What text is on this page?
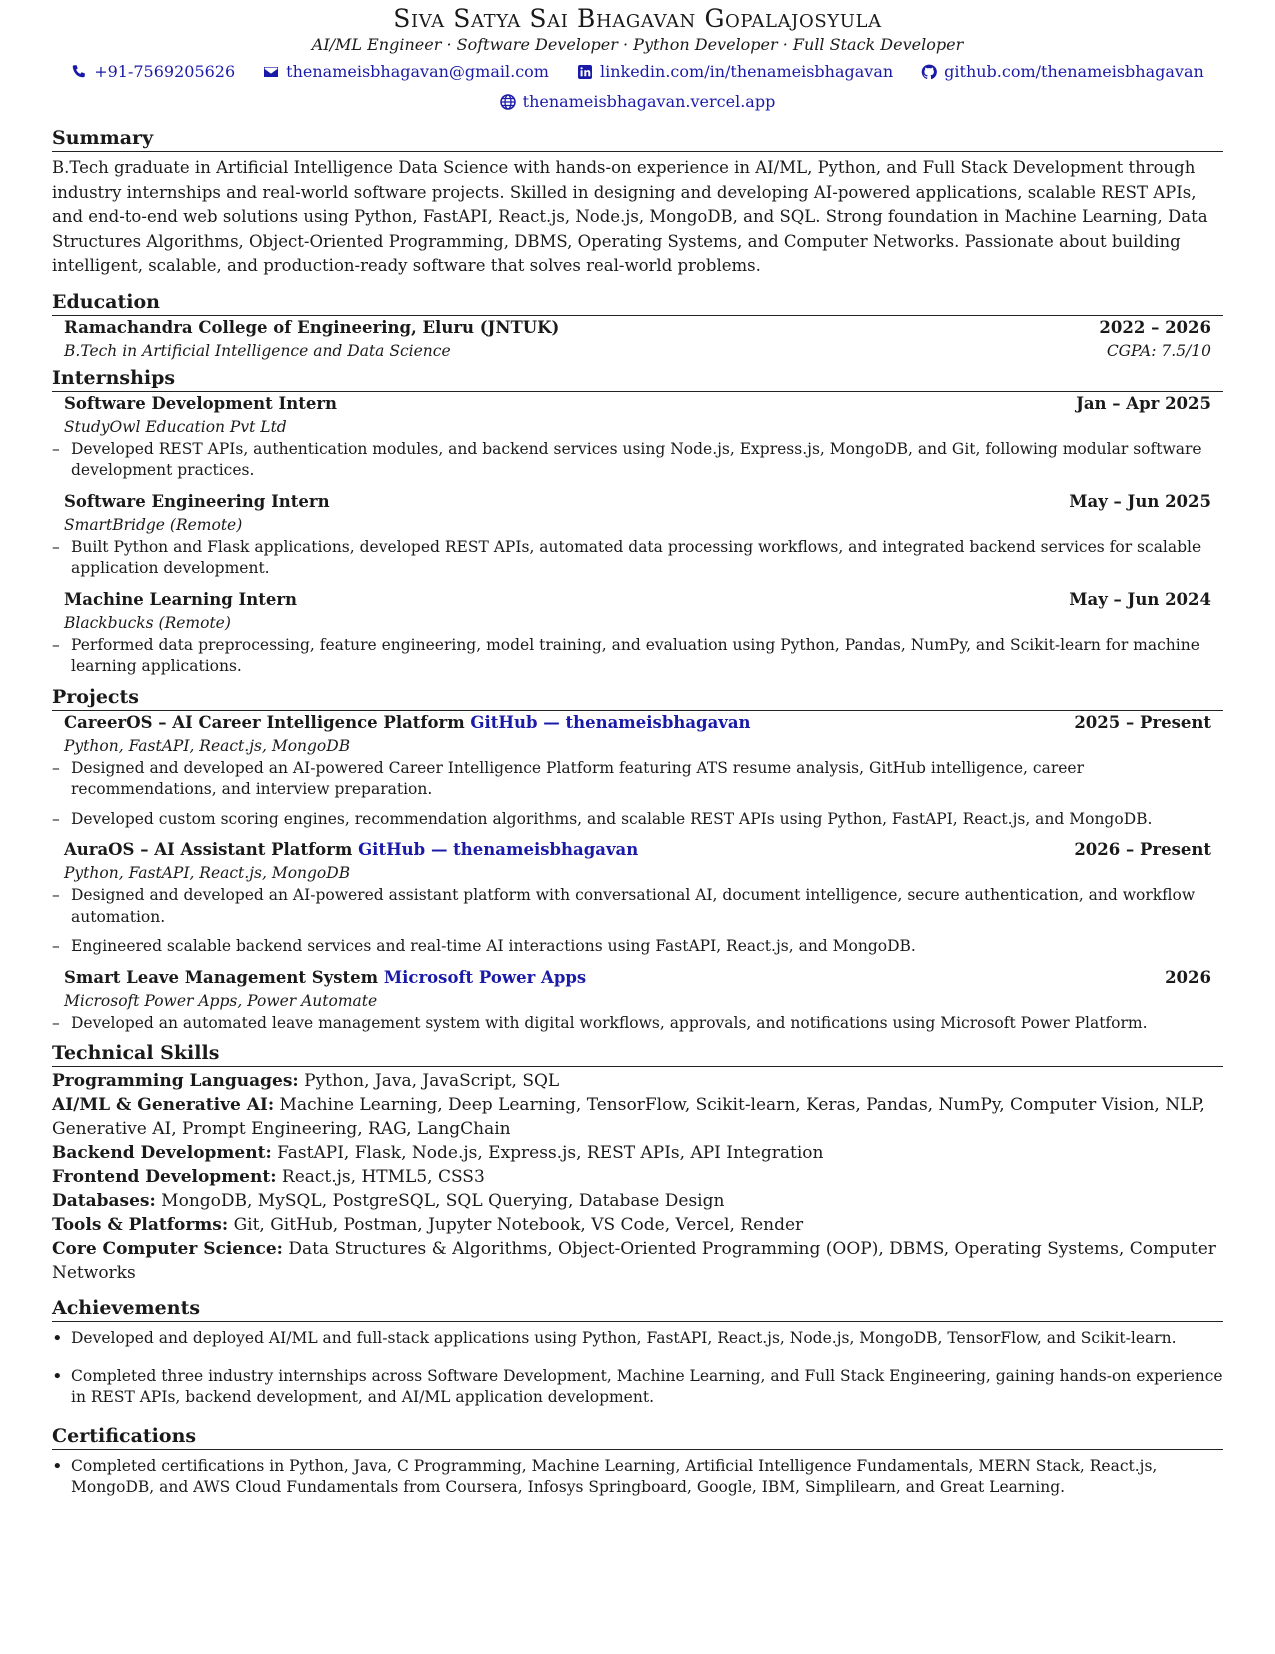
Siva Satya Sai Bhagavan Gopalajosyula
AI/ML Engineer · Software Developer · Python Developer · Full Stack Developer
+91-7569205626	thenameisbhagavan@gmail.com	linkedin.com/in/thenameisbhagavan	github.com/thenameisbhagavan
thenameisbhagavan.vercel.app
Summary
B.Tech graduate in Artificial Intelligence Data Science with hands-on experience in AI/ML, Python, and Full Stack Development through industry internships and real-world software projects. Skilled in designing and developing AI-powered applications, scalable REST APIs, and end-to-end web solutions using Python, FastAPI, React.js, Node.js, MongoDB, and SQL. Strong foundation in Machine Learning, Data Structures Algorithms, Object-Oriented Programming, DBMS, Operating Systems, and Computer Networks. Passionate about building intelligent, scalable, and production-ready software that solves real-world problems.
Education
Ramachandra College of Engineering, Eluru (JNTUK)	2022 – 2026
B.Tech in Artificial Intelligence and Data Science	CGPA: 7.5/10
Internships
Software Development Intern	Jan – Apr 2025
StudyOwl Education Pvt Ltd
– Developed REST APIs, authentication modules, and backend services using Node.js, Express.js, MongoDB, and Git, following modular software development practices.
Software Engineering Intern	May – Jun 2025
SmartBridge (Remote)
– Built Python and Flask applications, developed REST APIs, automated data processing workflows, and integrated backend services for scalable application development.
Machine Learning Intern	May – Jun 2024
Blackbucks (Remote)
– Performed data preprocessing, feature engineering, model training, and evaluation using Python, Pandas, NumPy, and Scikit-learn for machine learning applications.
Projects
CareerOS – AI Career Intelligence Platform GitHub — thenameisbhagavan	2025 – Present
Python, FastAPI, React.js, MongoDB
– Designed and developed an AI-powered Career Intelligence Platform featuring ATS resume analysis, GitHub intelligence, career recommendations, and interview preparation.
– Developed custom scoring engines, recommendation algorithms, and scalable REST APIs using Python, FastAPI, React.js, and MongoDB.
AuraOS – AI Assistant Platform GitHub — thenameisbhagavan	2026 – Present
Python, FastAPI, React.js, MongoDB
– Designed and developed an AI-powered assistant platform with conversational AI, document intelligence, secure authentication, and workflow automation.
– Engineered scalable backend services and real-time AI interactions using FastAPI, React.js, and MongoDB.
Smart Leave Management System Microsoft Power Apps	2026
Microsoft Power Apps, Power Automate
– Developed an automated leave management system with digital workflows, approvals, and notifications using Microsoft Power Platform.
Technical Skills
Programming Languages: Python, Java, JavaScript, SQL
AI/ML & Generative AI: Machine Learning, Deep Learning, TensorFlow, Scikit-learn, Keras, Pandas, NumPy, Computer Vision, NLP, Generative AI, Prompt Engineering, RAG, LangChain
Backend Development: FastAPI, Flask, Node.js, Express.js, REST APIs, API Integration
Frontend Development: React.js, HTML5, CSS3
Databases: MongoDB, MySQL, PostgreSQL, SQL Querying, Database Design
Tools & Platforms: Git, GitHub, Postman, Jupyter Notebook, VS Code, Vercel, Render
Core Computer Science: Data Structures & Algorithms, Object-Oriented Programming (OOP), DBMS, Operating Systems, Computer Networks
Achievements
• Developed and deployed AI/ML and full-stack applications using Python, FastAPI, React.js, Node.js, MongoDB, TensorFlow, and Scikit-learn.
• Completed three industry internships across Software Development, Machine Learning, and Full Stack Engineering, gaining hands-on experience in REST APIs, backend development, and AI/ML application development.
Certifications
• Completed certifications in Python, Java, C Programming, Machine Learning, Artificial Intelligence Fundamentals, MERN Stack, React.js, MongoDB, and AWS Cloud Fundamentals from Coursera, Infosys Springboard, Google, IBM, Simplilearn, and Great Learning.
